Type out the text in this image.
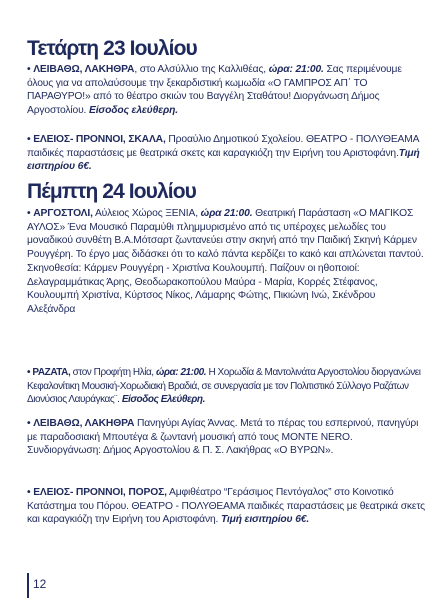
Τετάρτη 23 Ιουλίου
• ΛΕΙΒΑΘΩ, ΛΑΚΗΘΡΑ, στο Αλσύλλιο της Καλλιθέας, ώρα: 21:00. Σας περιμένουμε όλους για να απολαύσουμε την ξεκαρδιστική κωμωδία «Ο ΓΑΜΠΡΟΣ ΑΠ΄ ΤΟ ΠΑΡΑΘΥΡΟ!» από το θέατρο σκιών του Βαγγέλη Σταθάτου! Διοργάνωση Δήμος Αργοστολίου. Είσοδος ελεύθερη.
• ΕΛΕΙΟΣ- ΠΡΟΝΝΟΙ, ΣΚΑΛΑ, Προαύλιο Δημοτικού Σχολείου. ΘΕΑΤΡΟ - ΠΟΛΥΘΕΑΜΑ παιδικές παραστάσεις με θεατρικά σκετς και καραγκιόζη την Ειρήνη του Αριστοφάνη.Τιμή εισιτηρίου 6€.
Πέμπτη 24 Ιουλίου
• ΑΡΓΟΣΤΟΛΙ, Αύλειος Χώρος ΞΕΝΙΑ, ώρα 21:00. Θεατρική Παράσταση «Ο ΜΑΓΙΚΟΣ ΑΥΛΟΣ» Ένα Μουσικό Παραμύθι πλημμυρισμένο από τις υπέροχες μελωδίες του μοναδικού συνθέτη Β.Α.Μότσαρτ ζωντανεύει στην σκηνή από την Παιδική Σκηνή Κάρμεν Ρουγγέρη. Το έργο μας διδάσκει ότι το καλό πάντα κερδίζει το κακό και απλώνεται παντού. Σκηνοθεσία: Κάρμεν Ρουγγέρη - Χριστίνα Κουλουμπή. Παίζουν οι ηθοποιοί: Δελαγραμμάτικας Άρης, Θεοδωρακοπούλου Μαύρα - Μαρία, Κορρές Στέφανος, Κουλουμπή Χριστίνα, Κύρτσος Νίκος, Λάμαρης Φώτης, Πικιώνη Ινώ, Σκένδρου Αλεξάνδρα
• ΡΑΖΑΤΑ, στον Προφήτη Ηλία, ώρα: 21:00. Η Χορωδία & Μαντολινάτα Αργοστολίου διοργανώνει Κεφαλονίτικη Μουσική-Χορωδιακή Βραδιά, σε συνεργασία με τον Πολιτιστικό Σύλλογο Ραζάτων Διονύσιος Λαυράγκας¨. Είσοδος Ελεύθερη.
• ΛΕΙΒΑΘΩ, ΛΑΚΗΘΡΑ Πανηγύρι Αγίας Άννας. Μετά το πέρας του εσπερινού, πανηγύρι με παραδοσιακή Μπουτέγα & ζωντανή μουσική από τους MONTE NERO. Συνδιοργάνωση: Δήμος Αργοστολίου & Π. Σ. Λακήθρας «Ο ΒΥΡΩΝ».
• ΕΛΕΙΟΣ- ΠΡΟΝΝΟΙ, ΠΟΡΟΣ, Αμφιθέατρο “Γεράσιμος Πεντόγαλος” στο Κοινοτικό Κατάστημα του Πόρου. ΘΕΑΤΡΟ - ΠΟΛΥΘΕΑΜΑ παιδικές παραστάσεις με θεατρικά σκετς και καραγκιόζη την Ειρήνη του Αριστοφάνη. Τιμή εισιτηρίου 6€.
12
